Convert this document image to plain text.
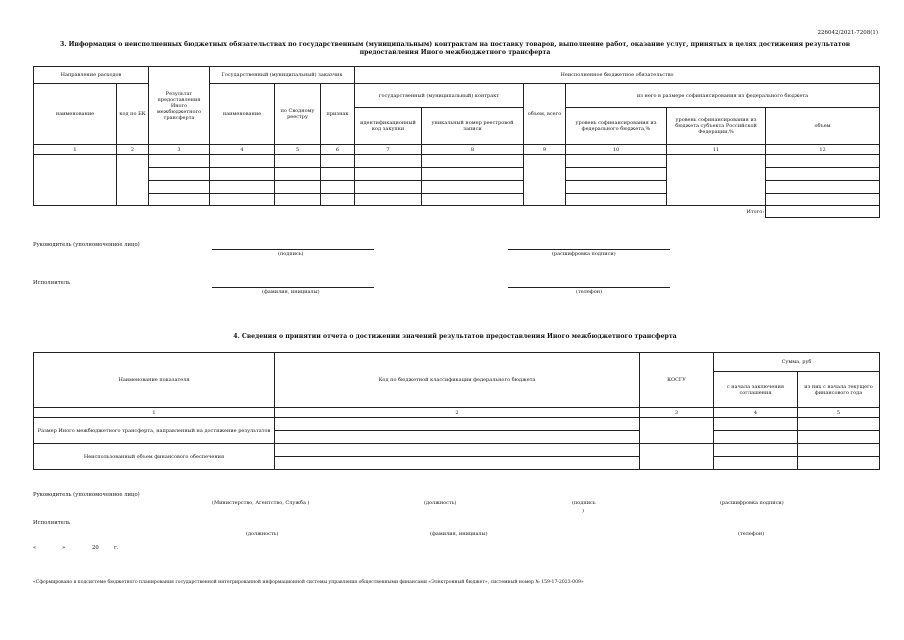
226042/2021-7208(1)
3. Информация о неисполненных бюджетных обязательствах по государственным (муниципальным) контрактам на поставку товаров, выполнение работ, оказание услуг, принятых в целях достижения результатов
предоставления Иного межбюджетного трансферта
Направление расходов		Результат предоставления Иного межбюджетного трансферта	Государственный (муниципальный) заказчик			Неисполненное бюджетное обязательство					
наименование	код по БК		наименование	по Сводному реестру	признак	государственный (муниципальный) контракт		объем, всего	из него в размере софинансирования из федерального бюджета		
						идентификационный код закупки	уникальный номер реестровой записи		уровень софинансирования из федерального бюджета,%	уровень софинансирования из бюджета субъекта Российской Федерации,%	объем
1	2	3	4	5	6	7	8	9	10	11	12

Итого:											
Руководитель (уполномоченное лицо)
(подпись)	(расшифровка подписи)
Исполнитель
(фамилия, инициалы)	(телефон)
4. Сведения о принятии отчета о достижении значений результатов предоставления Иного межбюджетного трансферта
Наименование показателя	Код по бюджетной классификации федерального бюджета	КОСГУ	Сумма, руб	
			с начала заключения соглашения	из них с начала текущего финансового года
1	2	3	4	5
Размер Иного межбюджетного трансферта, направленный на достижение результатов				

Неиспользованный объем финансового обеспечения				

Руководитель (уполномоченное лицо)
(Министерство, Агентство, Служба )	(должность)	(подпись
)
(расшифровка подписи)
Исполнитель
(должность)	(фамилия, инициалы)	(телефон)
«	»	20	г.
«Сформировано в подсистеме бюджетного планирования государственной интегрированной информационной системы управления общественными финансами «Электронный бюджет», системный номер № 159-17-2023-009»
